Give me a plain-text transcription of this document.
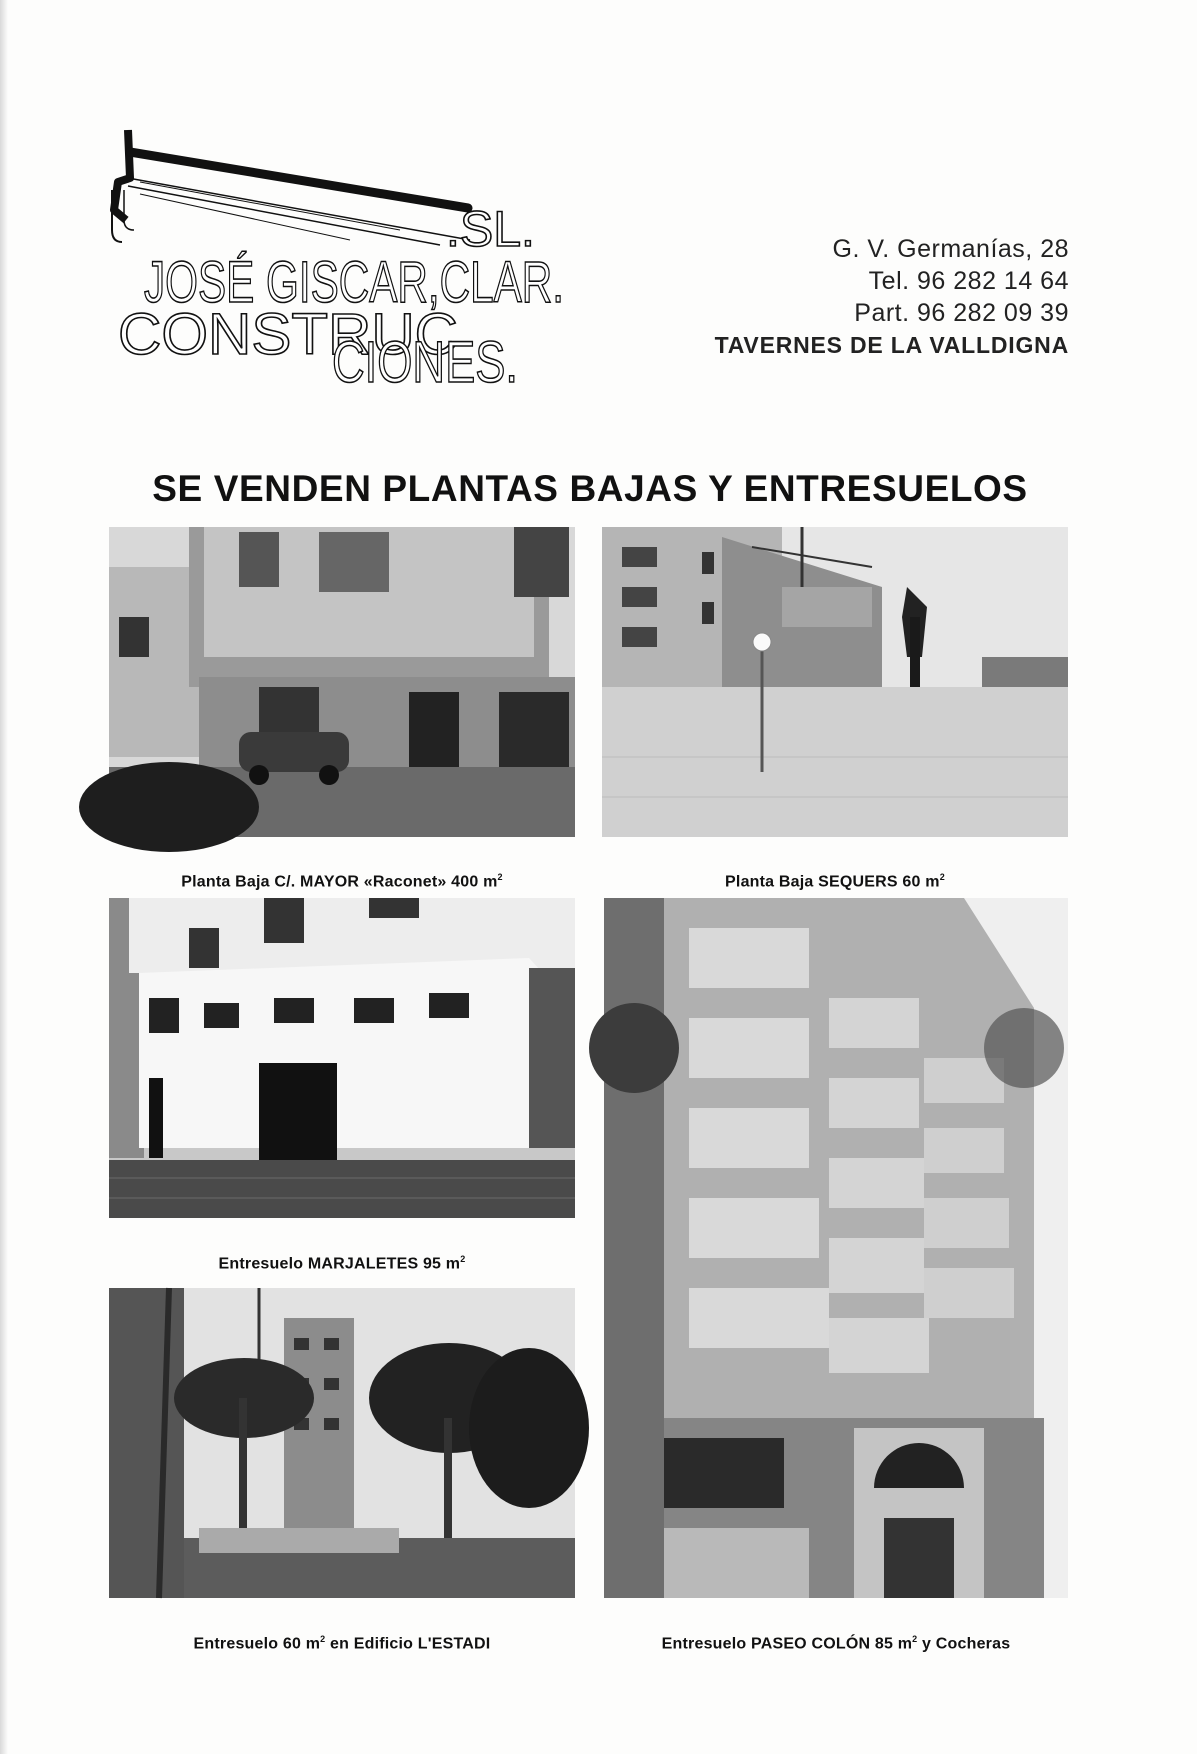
.SL.
JOSÉ GISCAR,CLAR.
CONSTRUC
CIONES.
G. V. Germanías, 28
Tel. 96 282 14 64
Part. 96 282 09 39
TAVERNES DE LA VALLDIGNA
SE VENDEN PLANTAS BAJAS Y ENTRESUELOS
Planta Baja C/. MAYOR «Raconet» 400 $m^2$	Planta Baja SEQUERS 60 $m^2$
Entresuelo MARJALETES 95 $m^2$
Entresuelo 60 $m^2$ en Edificio L'ESTADI	Entresuelo PASEO COLÓN 85 $m^2$ y Cocheras
